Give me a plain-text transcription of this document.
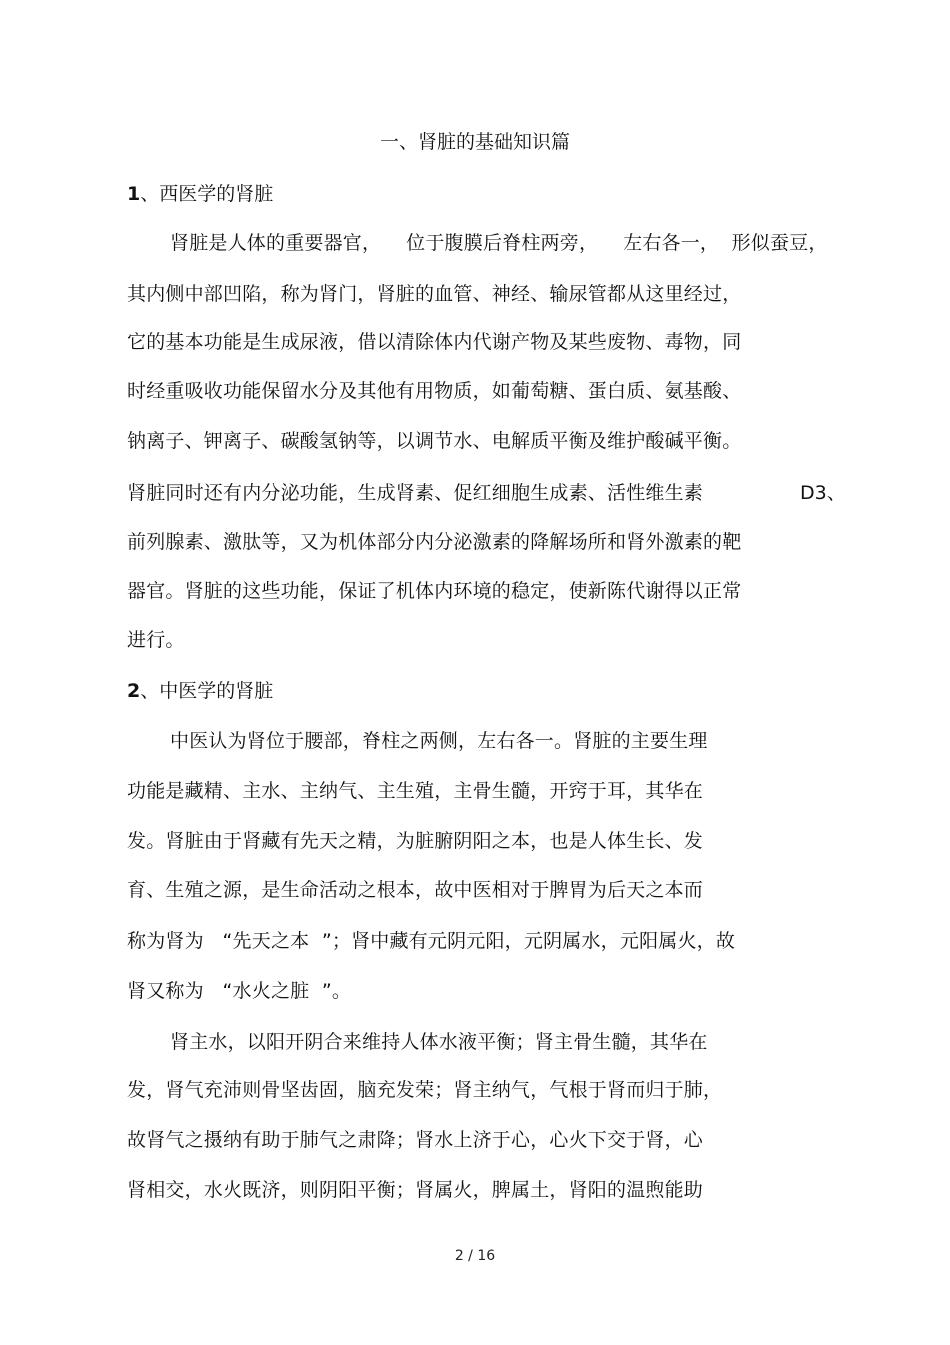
一、肾脏的基础知识篇
1、西医学的肾脏
肾脏是人体的重要器官，    位于腹膜后脊柱两旁，    左右各一，  形似蚕豆，
其内侧中部凹陷，称为肾门，肾脏的血管、神经、输尿管都从这里经过，
它的基本功能是生成尿液，借以清除体内代谢产物及某些废物、毒物，同
时经重吸收功能保留水分及其他有用物质，如葡萄糖、蛋白质、氨基酸、
钠离子、钾离子、碳酸氢钠等，以调节水、电解质平衡及维护酸碱平衡。
肾脏同时还有内分泌功能，生成肾素、促红细胞生成素、活性维生素	D3、
前列腺素、激肽等，又为机体部分内分泌激素的降解场所和肾外激素的靶
器官。肾脏的这些功能，保证了机体内环境的稳定，使新陈代谢得以正常
进行。
2、中医学的肾脏
中医认为肾位于腰部，脊柱之两侧，左右各一。肾脏的主要生理
功能是藏精、主水、主纳气、主生殖，主骨生髓，开窍于耳，其华在
发。肾脏由于肾藏有先天之精，为脏腑阴阳之本，也是人体生长、发
育、生殖之源，是生命活动之根本，故中医相对于脾胃为后天之本而
称为肾为   “先天之本  ”；肾中藏有元阴元阳，元阴属水，元阳属火，故
肾又称为   “水火之脏  ”。
肾主水，以阳开阴合来维持人体水液平衡；肾主骨生髓，其华在
发，肾气充沛则骨坚齿固，脑充发荣；肾主纳气，气根于肾而归于肺，
故肾气之摄纳有助于肺气之肃降；肾水上济于心，心火下交于肾，心
肾相交，水火既济，则阴阳平衡；肾属火，脾属土，肾阳的温煦能助
2 / 16
